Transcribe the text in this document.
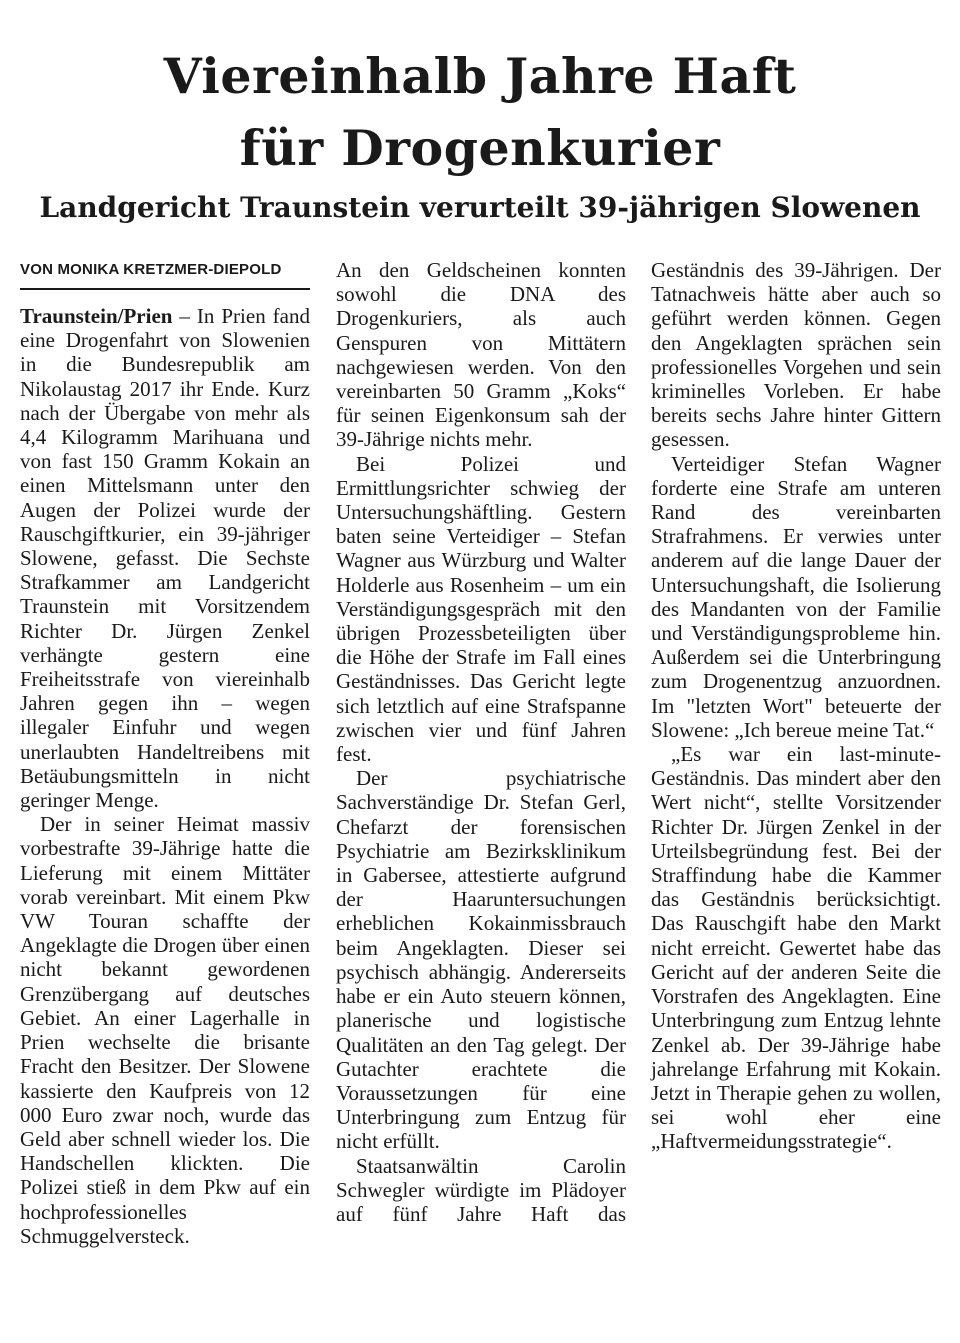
Viereinhalb Jahre Haft
für Drogenkurier
Landgericht Traunstein verurteilt 39-jährigen Slowenen
VON MONIKA KRETZMER-DIEPOLD

Traunstein/Prien – In Prien fand eine Drogenfahrt von Slowenien in die Bundesrepublik am Nikolaustag 2017 ihr Ende. Kurz nach der Übergabe von mehr als 4,4 Kilogramm Marihuana und von fast 150 Gramm Kokain an einen Mittelsmann unter den Augen der Polizei wurde der Rauschgiftkurier, ein 39-jähriger Slowene, gefasst. Die Sechste Strafkammer am Landgericht Traunstein mit Vorsitzendem Richter Dr. Jürgen Zenkel verhängte gestern eine Freiheitsstrafe von viereinhalb Jahren gegen ihn – wegen illegaler Einfuhr und wegen unerlaubten Handeltreibens mit Betäubungsmitteln in nicht geringer Menge.

Der in seiner Heimat massiv vorbestrafte 39-Jährige hatte die Lieferung mit einem Mittäter vorab vereinbart. Mit einem Pkw VW Touran schaffte der Angeklagte die Drogen über einen nicht bekannt gewordenen Grenzübergang auf deutsches Gebiet. An einer Lagerhalle in Prien wechselte die brisante Fracht den Besitzer. Der Slowene kassierte den Kaufpreis von 12 000 Euro zwar noch, wurde das Geld aber schnell wieder los. Die Handschellen klickten. Die Polizei stieß in dem Pkw auf ein hochprofessionelles Schmuggelversteck.

An den Geldscheinen konnten sowohl die DNA des Drogenkuriers, als auch Genspuren von Mittätern nachgewiesen werden. Von den vereinbarten 50 Gramm „Koks“ für seinen Eigenkonsum sah der 39-Jährige nichts mehr.

Bei Polizei und Ermittlungsrichter schwieg der Untersuchungshäftling. Gestern baten seine Verteidiger – Stefan Wagner aus Würzburg und Walter Holderle aus Rosenheim – um ein Verständigungsgespräch mit den übrigen Prozessbeteiligten über die Höhe der Strafe im Fall eines Geständnisses. Das Gericht legte sich letztlich auf eine Strafspanne zwischen vier und fünf Jahren fest.

Der psychiatrische Sachverständige Dr. Stefan Gerl, Chefarzt der forensischen Psychiatrie am Bezirksklinikum in Gabersee, attestierte aufgrund der Haaruntersuchungen erheblichen Kokainmissbrauch beim Angeklagten. Dieser sei psychisch abhängig. Andererseits habe er ein Auto steuern können, planerische und logistische Qualitäten an den Tag gelegt. Der Gutachter erachtete die Voraussetzungen für eine Unterbringung zum Entzug für nicht erfüllt.

Staatsanwältin Carolin Schwegler würdigte im Plädoyer auf fünf Jahre Haft das

Geständnis des 39-Jährigen. Der Tatnachweis hätte aber auch so geführt werden können. Gegen den Angeklagten sprächen sein professionelles Vorgehen und sein kriminelles Vorleben. Er habe bereits sechs Jahre hinter Gittern gesessen.

Verteidiger Stefan Wagner forderte eine Strafe am unteren Rand des vereinbarten Strafrahmens. Er verwies unter anderem auf die lange Dauer der Untersuchungshaft, die Isolierung des Mandanten von der Familie und Verständigungsprobleme hin. Außerdem sei die Unterbringung zum Drogenentzug anzuordnen. Im "letzten Wort" beteuerte der Slowene: „Ich bereue meine Tat.“

„Es war ein last-minute-Geständnis. Das mindert aber den Wert nicht“, stellte Vorsitzender Richter Dr. Jürgen Zenkel in der Urteilsbegründung fest. Bei der Straffindung habe die Kammer das Geständnis berücksichtigt. Das Rauschgift habe den Markt nicht erreicht. Gewertet habe das Gericht auf der anderen Seite die Vorstrafen des Angeklagten. Eine Unterbringung zum Entzug lehnte Zenkel ab. Der 39-Jährige habe jahrelange Erfahrung mit Kokain. Jetzt in Therapie gehen zu wollen, sei wohl eher eine „Haftvermeidungsstrategie“.
